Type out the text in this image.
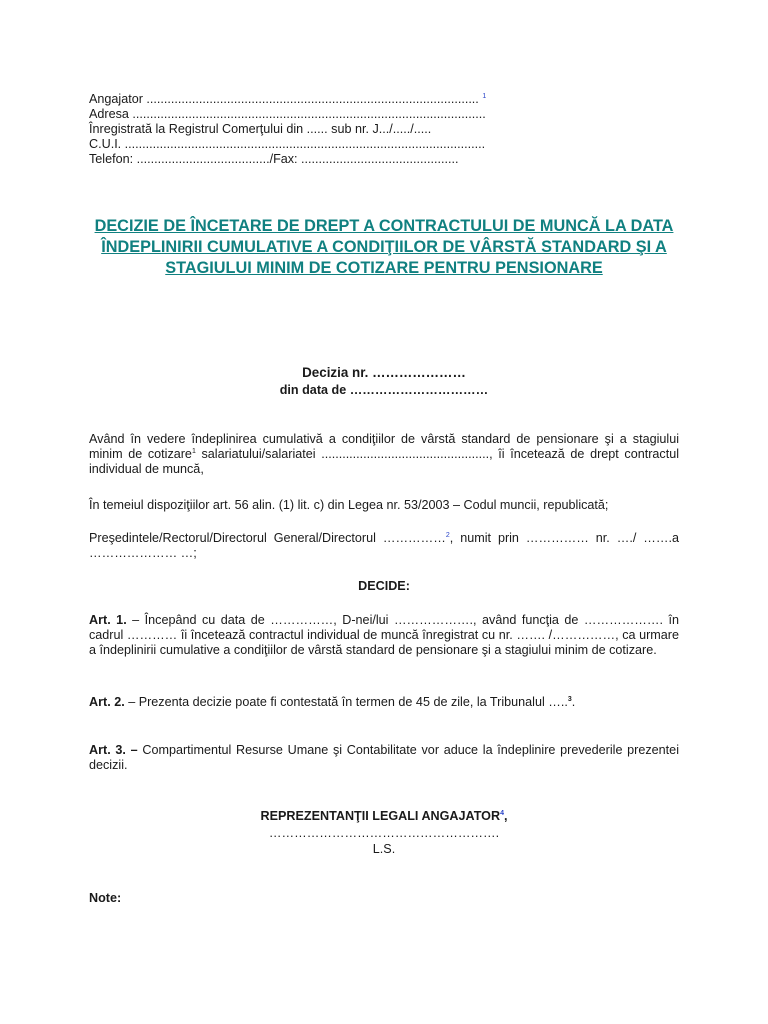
Angajator ............................................................................................... $^1$
Adresa .....................................................................................................
Înregistrată la Registrul Comerţului din ...... sub nr. J.../...../.....
C.U.I. .......................................................................................................
Telefon: ....................................../Fax: .............................................
DECIZIE DE ÎNCETARE DE DREPT A CONTRACTULUI DE MUNCĂ LA DATA ÎNDEPLINIRII CUMULATIVE A CONDIŢIILOR DE VÂRSTĂ STANDARD ŞI A STAGIULUI MINIM DE COTIZARE PENTRU PENSIONARE
Decizia nr. …………………
din data de ……………………………
Având în vedere îndeplinirea cumulativă a condiţiilor de vârstă standard de pensionare şi a stagiului minim de cotizare$^1$ salariatului/salariatei ................................................, îi încetează de drept contractul individual de muncă,
În temeiul dispoziţiilor art. 56 alin. (1) lit. c) din Legea nr. 53/2003 – Codul muncii, republicată;
Preşedintele/Rectorul/Directorul General/Directorul ……………$^2$, numit prin …………… nr. …./ …….a ………………… …;
DECIDE:
Art. 1. – Începând cu data de ……………, D-nei/lui ………………., având funcţia de ………………. în cadrul ………… îi încetează contractul individual de muncă înregistrat cu nr. ……. /……………, ca urmare a îndeplinirii cumulative a condiţiilor de vârstă standard de pensionare şi a stagiului minim de cotizare.
Art. 2. – Prezenta decizie poate fi contestată în termen de 45 de zile, la Tribunalul …..$^3$.
Art. 3. – Compartimentul Resurse Umane şi Contabilitate vor aduce la îndeplinire prevederile prezentei decizii.
REPREZENTANŢII LEGALI ANGAJATOR$^4$,
……………………………………………….
L.S.
Note:
